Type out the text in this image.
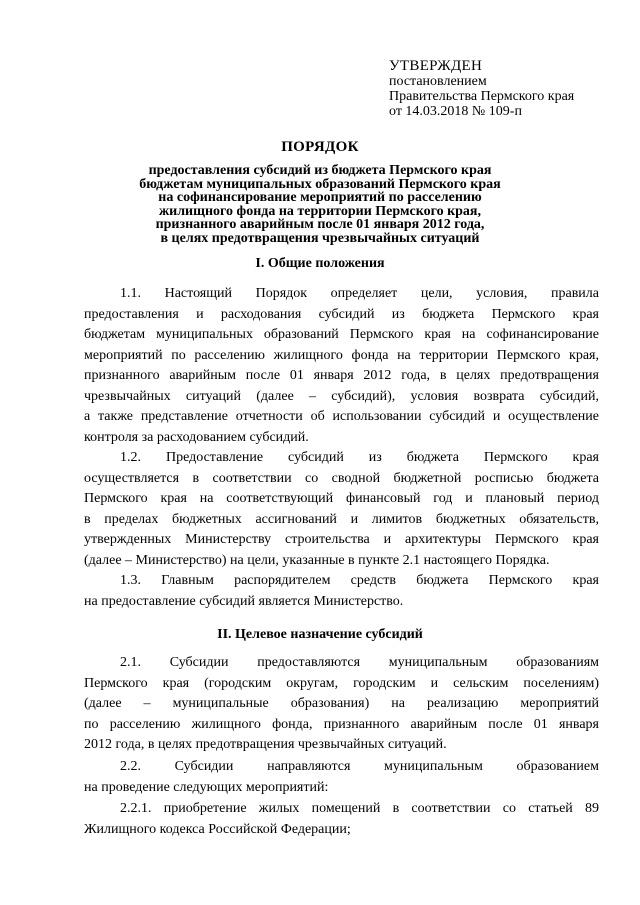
УТВЕРЖДЕН
постановлением
Правительства Пермского края
от 14.03.2018 № 109-п
ПОРЯДОК
предоставления субсидий из бюджета Пермского края
бюджетам муниципальных образований Пермского края
на софинансирование мероприятий по расселению
жилищного фонда на территории Пермского края,
признанного аварийным после 01 января 2012 года,
в целях предотвращения чрезвычайных ситуаций
I. Общие положения
1.1. Настоящий Порядок определяет цели, условия, правила
предоставления и расходования субсидий из бюджета Пермского края
бюджетам муниципальных образований Пермского края на софинансирование
мероприятий по расселению жилищного фонда на территории Пермского края,
признанного аварийным после 01 января 2012 года, в целях предотвращения
чрезвычайных ситуаций (далее – субсидий), условия возврата субсидий,
а также представление отчетности об использовании субсидий и осуществление
контроля за расходованием субсидий.
1.2. Предоставление субсидий из бюджета Пермского края
осуществляется в соответствии со сводной бюджетной росписью бюджета
Пермского края на соответствующий финансовый год и плановый период
в пределах бюджетных ассигнований и лимитов бюджетных обязательств,
утвержденных Министерству строительства и архитектуры Пермского края
(далее – Министерство) на цели, указанные в пункте 2.1 настоящего Порядка.
1.3. Главным распорядителем средств бюджета Пермского края
на предоставление субсидий является Министерство.
II. Целевое назначение субсидий
2.1. Субсидии предоставляются муниципальным образованиям
Пермского края (городским округам, городским и сельским поселениям)
(далее – муниципальные образования) на реализацию мероприятий
по расселению жилищного фонда, признанного аварийным после 01 января
2012 года, в целях предотвращения чрезвычайных ситуаций.
2.2. Субсидии направляются муниципальным образованием
на проведение следующих мероприятий:
2.2.1. приобретение жилых помещений в соответствии со статьей 89
Жилищного кодекса Российской Федерации;
